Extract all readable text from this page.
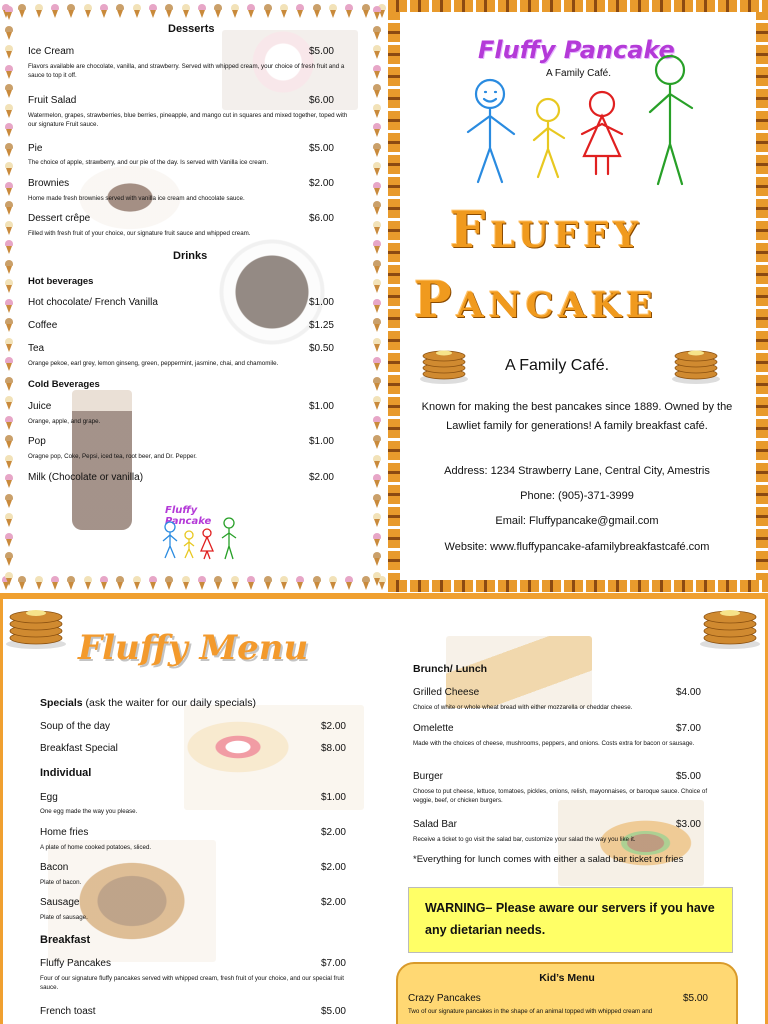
Desserts
Ice Cream	$5.00
Flavors available are chocolate, vanilla, and strawberry. Served with whipped cream, your choice of fresh fruit and a sauce to top it off.
Fruit Salad	$6.00
Watermelon, grapes, strawberries, blue berries, pineapple, and mango cut in squares and mixed together, toped with our signature Fruit sauce.
Pie	$5.00
The choice of apple, strawberry, and our pie of the day. Is served with Vanilla ice cream.
Brownies	$2.00
Home made fresh brownies served with vanilla ice cream and chocolate sauce.
Dessert crêpe	$6.00
Filled with fresh fruit of your choice, our signature fruit sauce and whipped cream.
Drinks
Hot beverages
Hot chocolate/ French Vanilla	$1.00
Coffee	$1.25
Tea	$0.50
Orange pekoe, earl grey, lemon ginseng, green, peppermint, jasmine, chai, and chamomile.
Cold Beverages
Juice	$1.00
Orange, apple, and grape.
Pop	$1.00
Oragne pop, Coke, Pepsi, iced tea, root beer, and Dr. Pepper.
Milk (Chocolate or vanilla)	$2.00
Fluffy Pancake
Fluffy Pancake
A Family Café.
Fluffy
Pancake
A Family Café.
Known for making the best pancakes since 1889. Owned by the Lawliet family for generations! A family breakfast café.
Address: 1234 Strawberry Lane, Central City, Amestris
Phone: (905)-371-3999
Email: Fluffypancake@gmail.com
Website: www.fluffypancake-afamilybreakfastcafé.com
Fluffy Menu
Specials (ask the waiter for our daily specials)
Soup of the day	$2.00
Breakfast Special	$8.00
Individual
Egg	$1.00
One egg made the way you please.
Home fries	$2.00
A plate of home cooked potatoes, sliced.
Bacon	$2.00
Plate of bacon.
Sausage	$2.00
Plate of sausage.
Breakfast
Fluffy Pancakes	$7.00
Four of our signature fluffy pancakes served with whipped cream, fresh fruit of your choice, and our special fruit sauce.
French toast	$5.00
Brunch/ Lunch
Grilled Cheese	$4.00
Choice of white or whole wheat bread with either mozzarella or cheddar cheese.
Omelette	$7.00
Made with the choices of cheese, mushrooms, peppers, and onions. Costs extra for bacon or sausage.
Burger	$5.00
Choose to put cheese, lettuce, tomatoes, pickles, onions, relish, mayonnaises, or baroque sauce. Choice of veggie, beef, or chicken burgers.
Salad Bar	$3.00
Receive a ticket to go visit the salad bar, customize your salad the way you like it.
*Everything for lunch comes with either a salad bar ticket or fries
WARNING– Please aware our servers if you have any dietarian needs.
Kid’s Menu
Crazy Pancakes	$5.00
Two of our signature pancakes in the shape of an animal topped with whipped cream and
